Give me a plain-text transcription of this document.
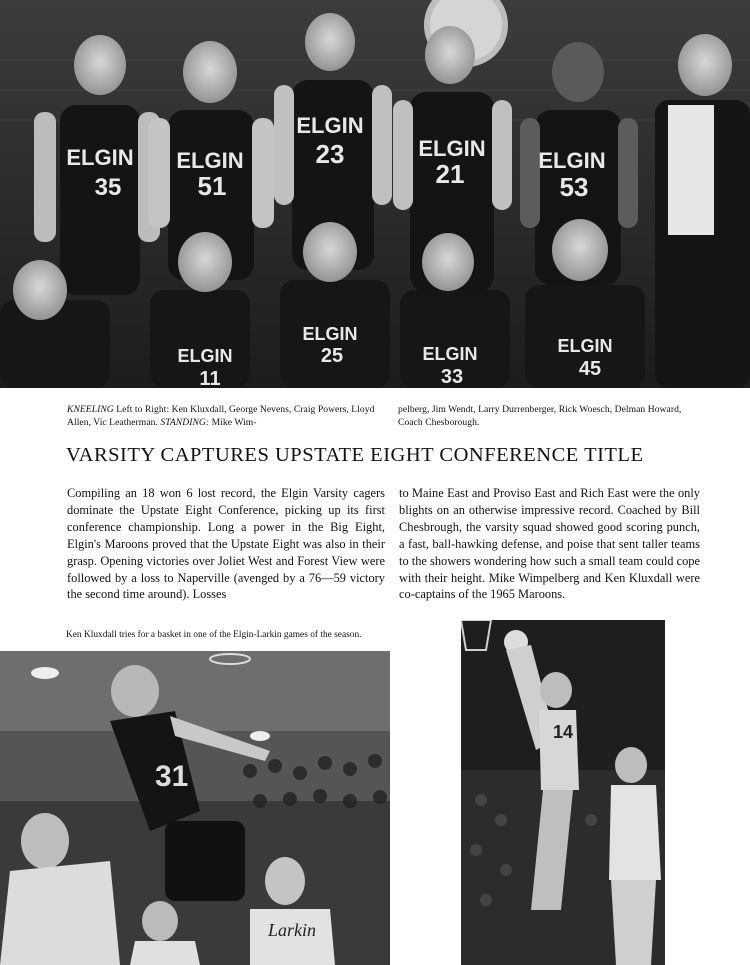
ELGIN
35
ELGIN
51
ELGIN
23	ELGIN
21	ELGIN
53
ELGIN
11
ELGIN
25	ELGIN
33
ELGIN
45
KNEELING Left to Right: Ken Kluxdall, George Nevens, Craig Powers, Lloyd Allen, Vic Leatherman. STANDING: Mike Wim-
pelberg, Jim Wendt, Larry Durrenberger, Rick Woesch, Delman Howard, Coach Chesborough.
VARSITY CAPTURES UPSTATE EIGHT CONFERENCE TITLE

Compiling an 18 won 6 lost record, the Elgin Varsity cagers dominate the Upstate Eight Conference, picking up its first conference championship. Long a power in the Big Eight, Elgin's Maroons proved that the Upstate Eight was also in their grasp. Opening victories over Joliet West and Forest View were followed by a loss to Naperville (avenged by a 76—59 victory the second time around). Losses

to Maine East and Proviso East and Rich East were the only blights on an otherwise impressive record. Coached by Bill Chesbrough, the varsity squad showed good scoring punch, a fast, ball-hawking defense, and poise that sent taller teams to the showers wondering how such a small team could cope with their height. Mike Wimpelberg and Ken Kluxdall were co-captains of the 1965 Maroons.

Ken Kluxdall tries for a basket in one of the Elgin-Larkin games of the season.
31
Larkin
14
